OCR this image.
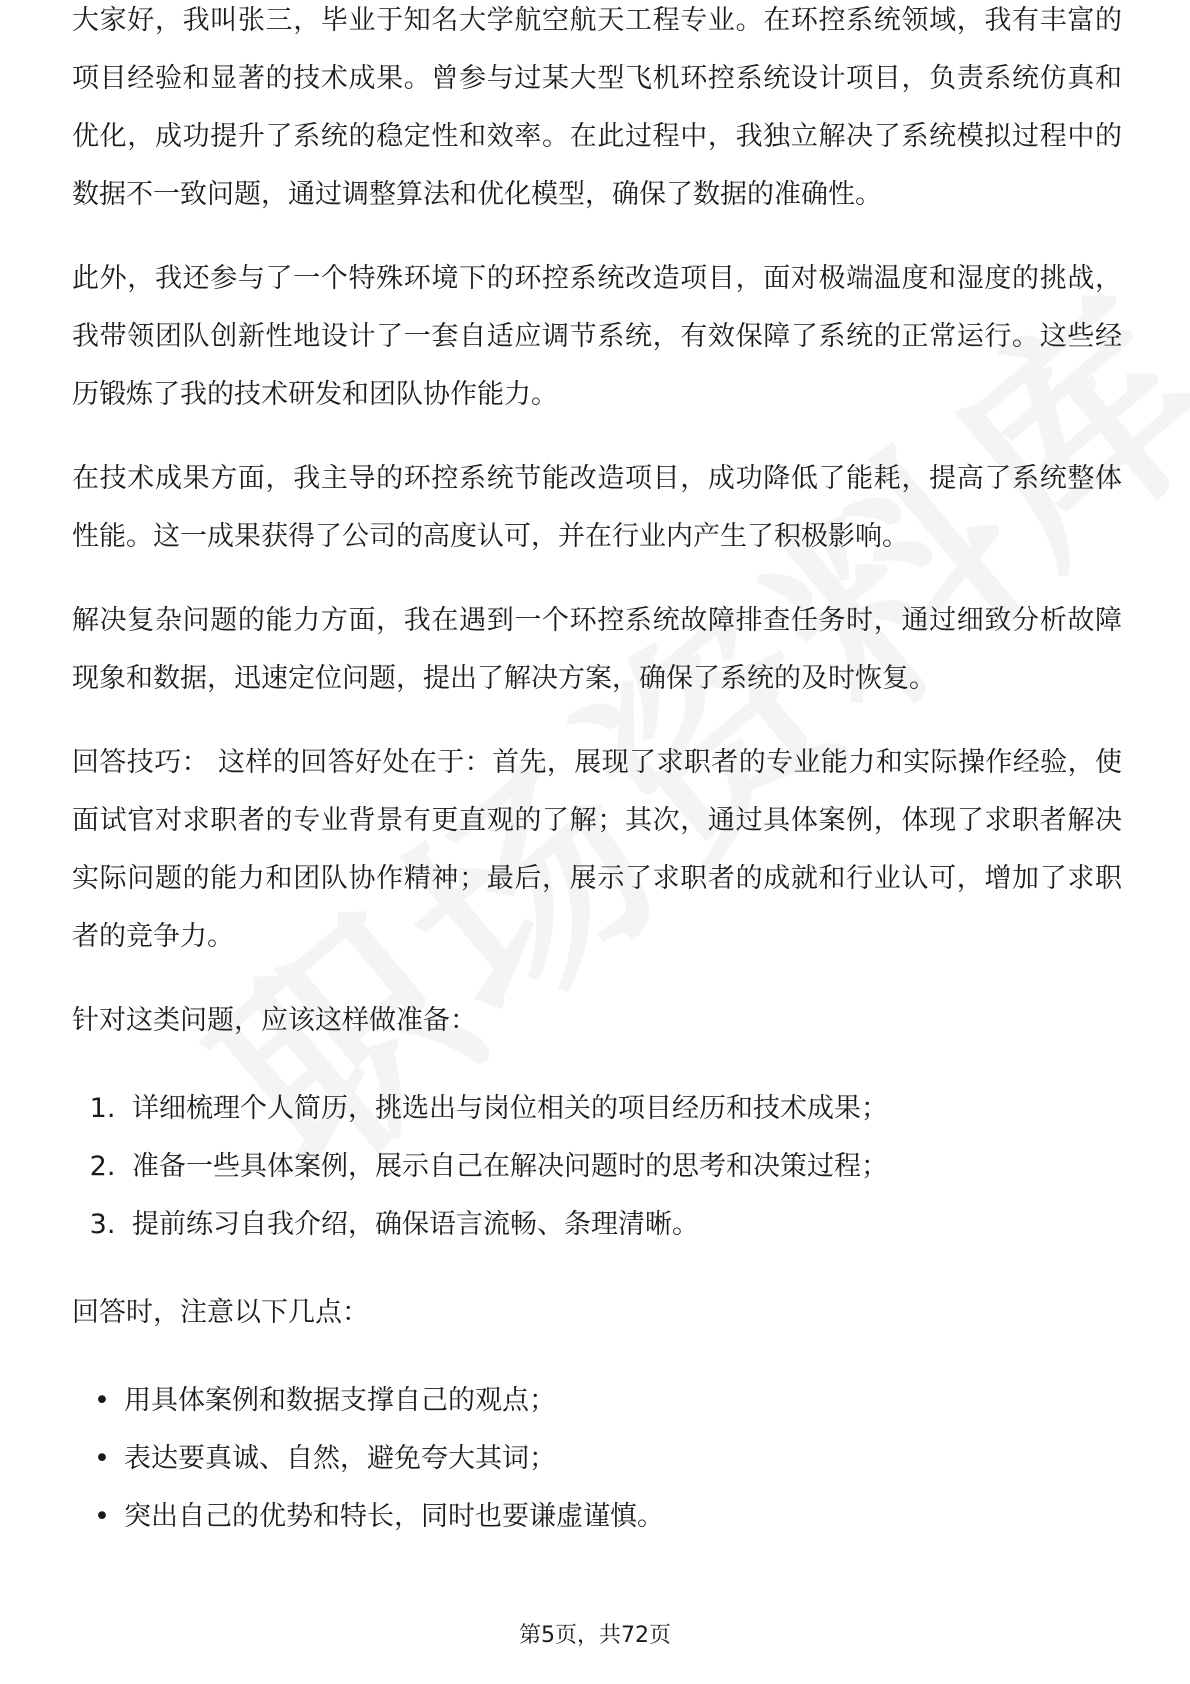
大家好，我叫张三，毕业于知名大学航空航天工程专业。在环控系统领域，我有丰富的项目经验和显著的技术成果。曾参与过某大型飞机环控系统设计项目，负责系统仿真和优化，成功提升了系统的稳定性和效率。在此过程中，我独立解决了系统模拟过程中的数据不一致问题，通过调整算法和优化模型，确保了数据的准确性。

此外，我还参与了一个特殊环境下的环控系统改造项目，面对极端温度和湿度的挑战，我带领团队创新性地设计了一套自适应调节系统，有效保障了系统的正常运行。这些经历锻炼了我的技术研发和团队协作能力。

在技术成果方面，我主导的环控系统节能改造项目，成功降低了能耗，提高了系统整体性能。这一成果获得了公司的高度认可，并在行业内产生了积极影响。

解决复杂问题的能力方面，我在遇到一个环控系统故障排查任务时，通过细致分析故障现象和数据，迅速定位问题，提出了解决方案，确保了系统的及时恢复。

回答技巧： 这样的回答好处在于：首先，展现了求职者的专业能力和实际操作经验，使面试官对求职者的专业背景有更直观的了解；其次，通过具体案例，体现了求职者解决实际问题的能力和团队协作精神；最后，展示了求职者的成就和行业认可，增加了求职者的竞争力。

针对这类问题，应该这样做准备：

1. 详细梳理个人简历，挑选出与岗位相关的项目经历和技术成果；
2. 准备一些具体案例，展示自己在解决问题时的思考和决策过程；
3. 提前练习自我介绍，确保语言流畅、条理清晰。

回答时，注意以下几点：

• 用具体案例和数据支撑自己的观点；
• 表达要真诚、自然，避免夸大其词；
• 突出自己的优势和特长，同时也要谦虚谨慎。
第5页，共72页
